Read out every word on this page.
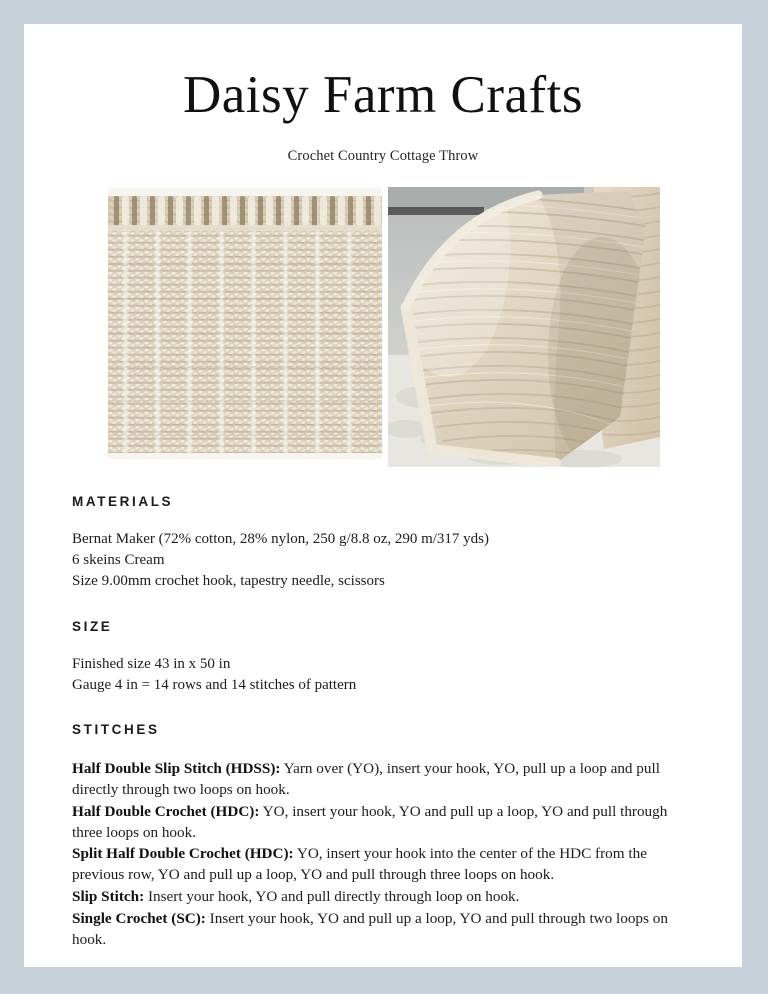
Daisy Farm Crafts

Crochet Country Cottage Throw

MATERIALS

Bernat Maker (72% cotton, 28% nylon, 250 g/8.8 oz, 290 m/317 yds)

6 skeins Cream

Size 9.00mm crochet hook, tapestry needle, scissors

SIZE

Finished size 43 in x 50 in

Gauge 4 in = 14 rows and 14 stitches of pattern

STITCHES

Half Double Slip Stitch (HDSS): Yarn over (YO), insert your hook, YO, pull up a loop and pull directly through two loops on hook.

Half Double Crochet (HDC): YO, insert your hook, YO and pull up a loop, YO and pull through three loops on hook.

Split Half Double Crochet (HDC): YO, insert your hook into the center of the HDC from the previous row, YO and pull up a loop, YO and pull through three loops on hook.

Slip Stitch: Insert your hook, YO and pull directly through loop on hook.

Single Crochet (SC): Insert your hook, YO and pull up a loop, YO and pull through two loops on hook.
